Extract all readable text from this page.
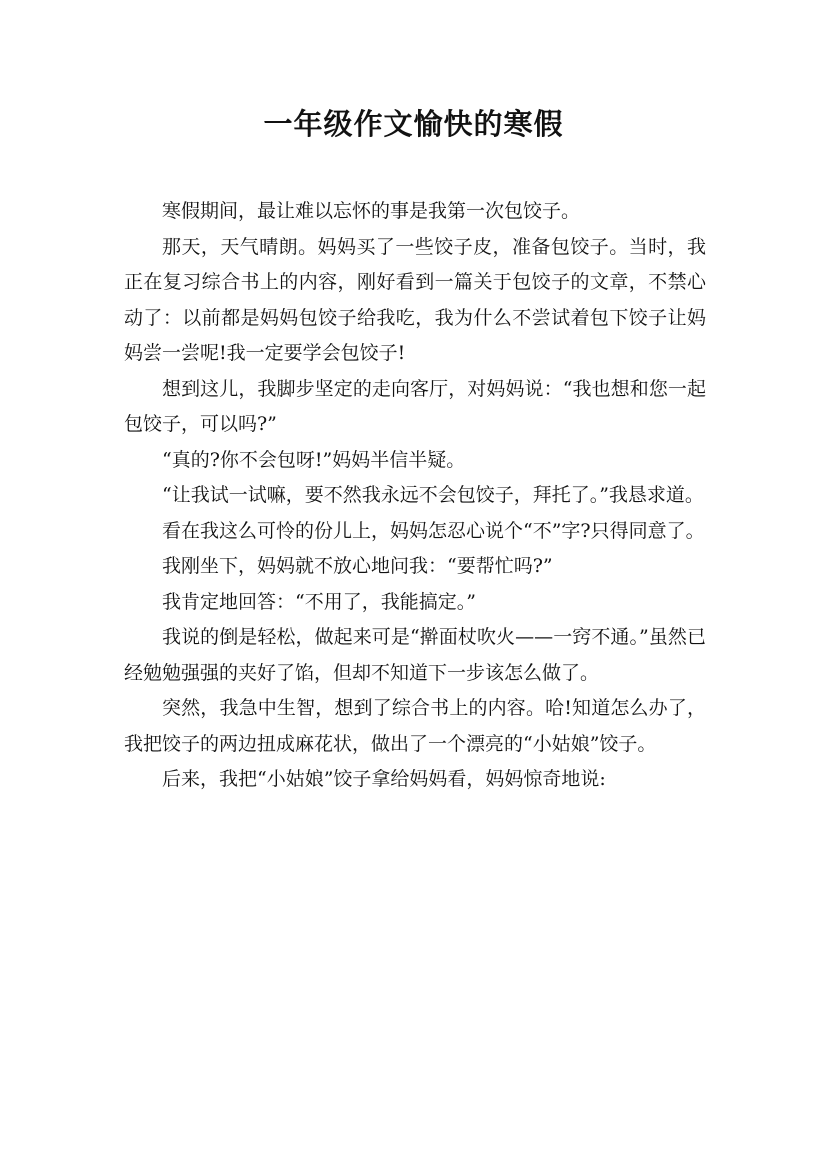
一年级作文愉快的寒假

寒假期间，最让难以忘怀的事是我第一次包饺子。

那天，天气晴朗。妈妈买了一些饺子皮，准备包饺子。当时，我正在复习综合书上的内容，刚好看到一篇关于包饺子的文章，不禁心动了：以前都是妈妈包饺子给我吃，我为什么不尝试着包下饺子让妈妈尝一尝呢!我一定要学会包饺子!

想到这儿，我脚步坚定的走向客厅，对妈妈说：“我也想和您一起包饺子，可以吗?”

“真的?你不会包呀!”妈妈半信半疑。

“让我试一试嘛，要不然我永远不会包饺子，拜托了。”我恳求道。

看在我这么可怜的份儿上，妈妈怎忍心说个“不”字?只得同意了。

我刚坐下，妈妈就不放心地问我：“要帮忙吗?”

我肯定地回答：“不用了，我能搞定。”

我说的倒是轻松，做起来可是“擀面杖吹火——一窍不通。”虽然已经勉勉强强的夹好了馅，但却不知道下一步该怎么做了。

突然，我急中生智，想到了综合书上的内容。哈!知道怎么办了，我把饺子的两边扭成麻花状，做出了一个漂亮的“小姑娘”饺子。

后来，我把“小姑娘”饺子拿给妈妈看，妈妈惊奇地说:
